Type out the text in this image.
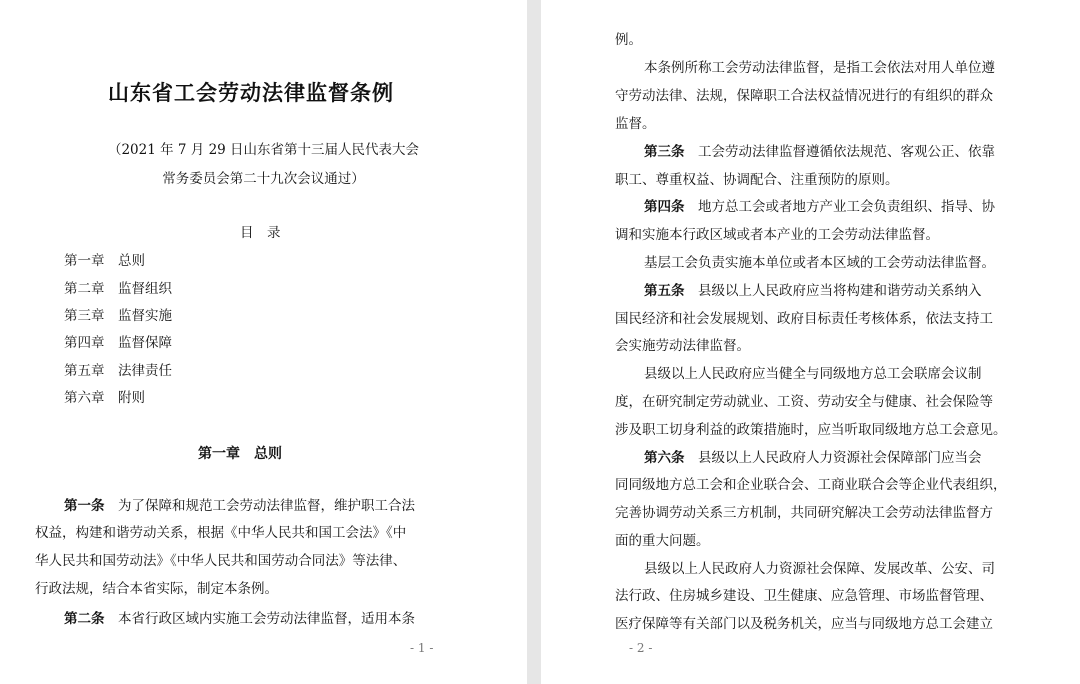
山东省工会劳动法律监督条例
（2021 年 7 月 29 日山东省第十三届人民代表大会
常务委员会第二十九次会议通过）
目　录
第一章　 总则
第二章　 监督组织
第三章　 监督实施
第四章　 监督保障
第五章　 法律责任
第六章　 附则
第一章　总则
第一条　 为了保障和规范工会劳动法律监督，维护职工合法
权益，构建和谐劳动关系，根据《中华人民共和国工会法》《中
华人民共和国劳动法》《中华人民共和国劳动合同法》等法律、
行政法规，结合本省实际，制定本条例。
第二条　 本省行政区域内实施工会劳动法律监督，适用本条
- 1 -
例。
本条例所称工会劳动法律监督，是指工会依法对用人单位遵
守劳动法律、法规，保障职工合法权益情况进行的有组织的群众
监督。
第三条　 工会劳动法律监督遵循依法规范、客观公正、依靠
职工、尊重权益、协调配合、注重预防的原则。
第四条　 地方总工会或者地方产业工会负责组织、指导、协
调和实施本行政区域或者本产业的工会劳动法律监督。
基层工会负责实施本单位或者本区域的工会劳动法律监督。
第五条　 县级以上人民政府应当将构建和谐劳动关系纳入
国民经济和社会发展规划、政府目标责任考核体系，依法支持工
会实施劳动法律监督。
县级以上人民政府应当健全与同级地方总工会联席会议制
度，在研究制定劳动就业、工资、劳动安全与健康、社会保险等
涉及职工切身利益的政策措施时，应当听取同级地方总工会意见。
第六条　 县级以上人民政府人力资源社会保障部门应当会
同同级地方总工会和企业联合会、工商业联合会等企业代表组织，
完善协调劳动关系三方机制，共同研究解决工会劳动法律监督方
面的重大问题。
县级以上人民政府人力资源社会保障、发展改革、公安、司
法行政、住房城乡建设、卫生健康、应急管理、市场监督管理、
医疗保障等有关部门以及税务机关，应当与同级地方总工会建立
- 2 -
